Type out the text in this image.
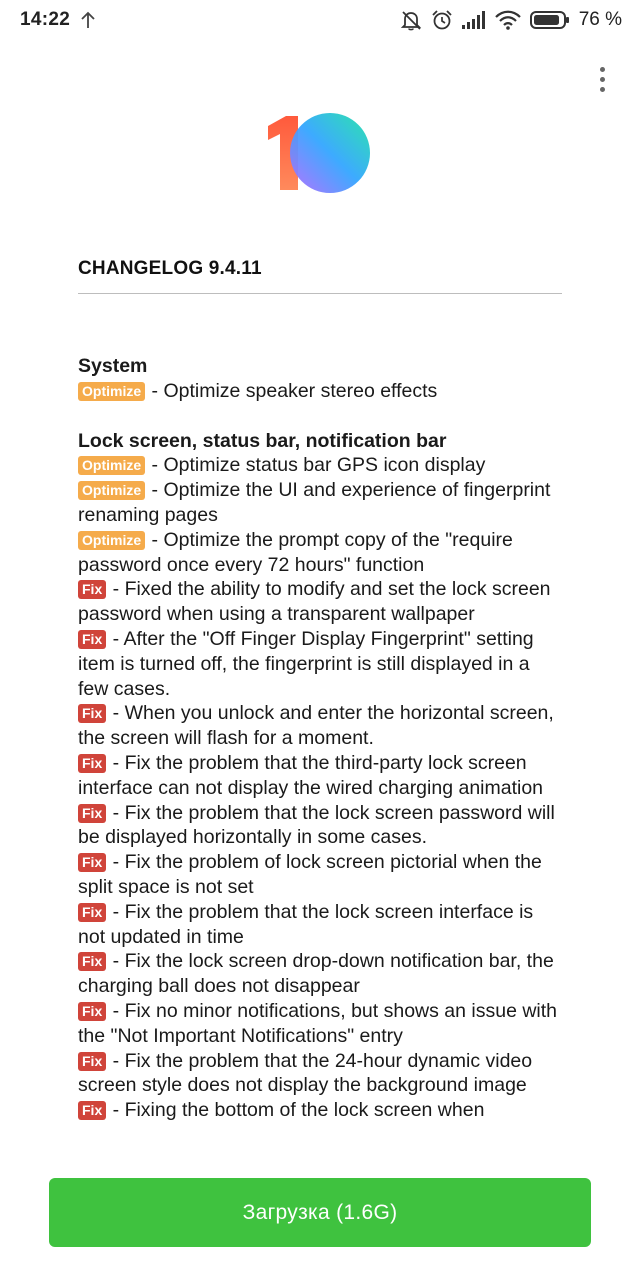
14:22	76 %
CHANGELOG 9.4.11
System
Optimize - Optimize speaker stereo effects
Lock screen, status bar, notification bar
Optimize - Optimize status bar GPS icon display
Optimize - Optimize the UI and experience of fingerprint renaming pages
Optimize - Optimize the prompt copy of the "require password once every 72 hours" function
Fix - Fixed the ability to modify and set the lock screen password when using a transparent wallpaper
Fix - After the "Off Finger Display Fingerprint" setting item is turned off, the fingerprint is still displayed in a few cases.
Fix - When you unlock and enter the horizontal screen, the screen will flash for a moment.
Fix - Fix the problem that the third-party lock screen interface can not display the wired charging animation
Fix - Fix the problem that the lock screen password will be displayed horizontally in some cases.
Fix - Fix the problem of lock screen pictorial when the split space is not set
Fix - Fix the problem that the lock screen interface is not updated in time
Fix - Fix the lock screen drop-down notification bar, the charging ball does not disappear
Fix - Fix no minor notifications, but shows an issue with the "Not Important Notifications" entry
Fix - Fix the problem that the 24-hour dynamic video screen style does not display the background image
Fix - Fixing the bottom of the lock screen when
Загрузка (1.6G)
